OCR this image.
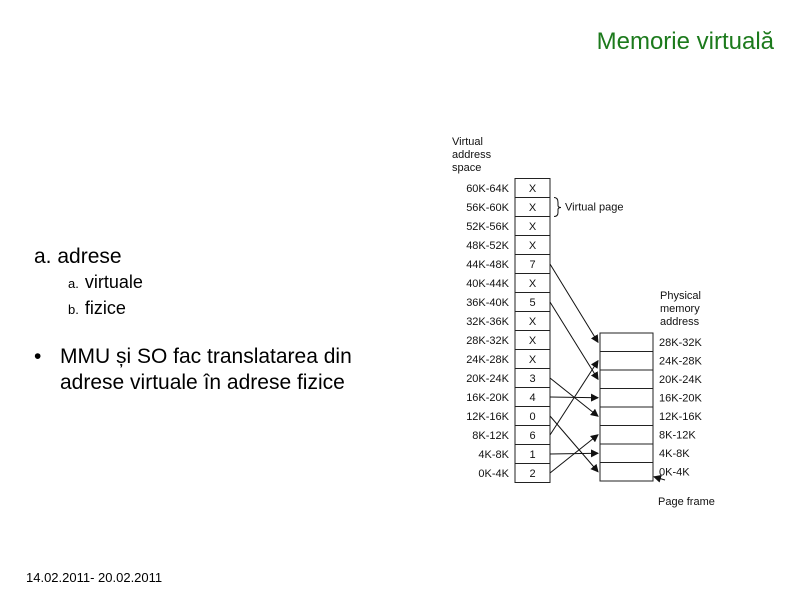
Memorie virtuală
a. adrese
a. virtuale
b. fizice
• MMU și SO fac translatarea din adrese virtuale în adrese fizice
Virtual
address
space
Physical
memory
address
60K-64K
56K-60K
52K-56K
48K-52K
44K-48K
40K-44K
36K-40K
32K-36K
28K-32K
24K-28K
20K-24K
16K-20K
12K-16K
8K-12K
4K-8K
0K-4K
X
X
X
X
7
X
5
X
X
X
3
4
0
6
1
2
28K-32K
24K-28K
20K-24K
16K-20K
12K-16K
8K-12K
4K-8K
0K-4K
Virtual page
Page frame
14.02.2011- 20.02.2011
